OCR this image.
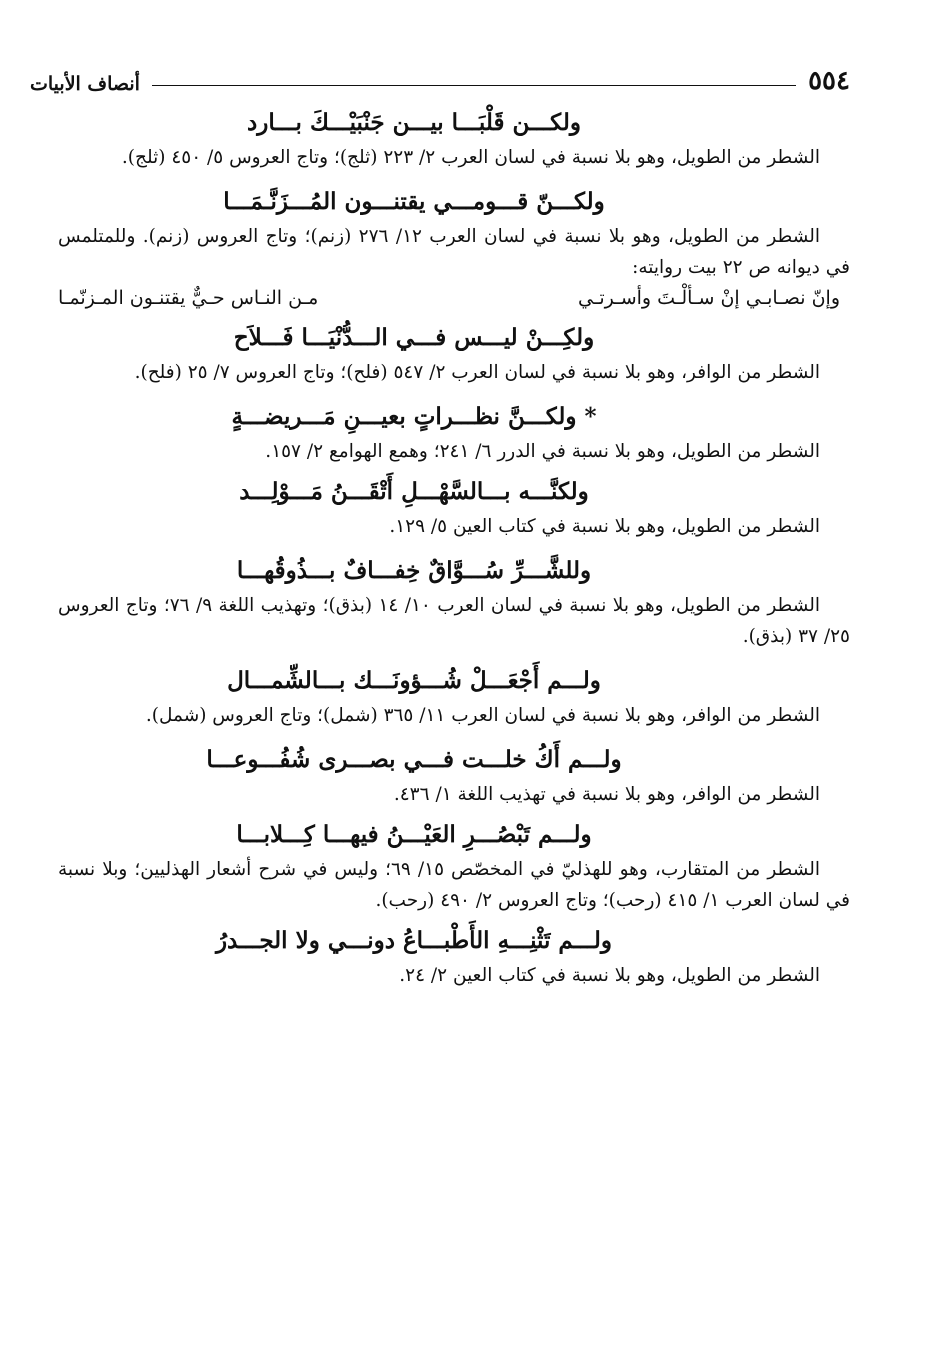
٥٥٤
أنصاف الأبيات
ولكـــن قَلْبَـــا بيـــن جَنْبَيْـــكَ بـــارد

الشطر من الطويل، وهو بلا نسبة في لسان العرب ٢/ ٢٢٣ (ثلج)؛ وتاج العروس ٥/ ٤٥٠ (ثلج).

ولكـــنّ قـــومـــي يقتنـــون المُـــزَنَّـمَـــا

الشطر من الطويل، وهو بلا نسبة في لسان العرب ١٢/ ٢٧٦ (زنم)؛ وتاج العروس (زنم). وللمتلمس في ديوانه ص ٢٢ بيت روايته:

وإنّ نصـابـي إنْ سـألْـتَ وأسـرتـي
مـن النـاس حـيٌّ يقتنـون المـزنّمـا
ولكِـــنْ ليـــس فـــي الـــدُّنْيَـــا فَـــلاَح

الشطر من الوافر، وهو بلا نسبة في لسان العرب ٢/ ٥٤٧ (فلح)؛ وتاج العروس ٧/ ٢٥ (فلح).

* ولكـــنَّ نظـــراتٍ بعيـــنِ مَـــريضـــةٍ

الشطر من الطويل، وهو بلا نسبة في الدرر ٦/ ٢٤١؛ وهمع الهوامع ٢/ ١٥٧.

ولكنَّـــه بـــالسَّهْـــلِ أَتْقَـــنُ مَـــوْلِـــد

الشطر من الطويل، وهو بلا نسبة في كتاب العين ٥/ ١٢٩.

وللشَّـــرِّ سُـــوَّاقٌ خِفـــافٌ بـــذُوقُهـــا

الشطر من الطويل، وهو بلا نسبة في لسان العرب ١٠/ ١٤ (بذق)؛ وتهذيب اللغة ٩/ ٧٦؛ وتاج العروس ٢٥/ ٣٧ (بذق).

ولـــم أَجْعَـــلْ شُـــؤونَـــك بـــالشِّمـــال

الشطر من الوافر، وهو بلا نسبة في لسان العرب ١١/ ٣٦٥ (شمل)؛ وتاج العروس (شمل).

ولـــم أَكُ خلـــت فـــي بصـــرى شُفُـــوعـــا

الشطر من الوافر، وهو بلا نسبة في تهذيب اللغة ١/ ٤٣٦.

ولـــم تَبْصُـــرِ العَيْـــنُ فيهـــا كِـــلابـــا

الشطر من المتقارب، وهو للهذليّ في المخصّص ١٥/ ٦٩؛ وليس في شرح أشعار الهذليين؛ وبلا نسبة في لسان العرب ١/ ٤١٥ (رحب)؛ وتاج العروس ٢/ ٤٩٠ (رحب).

ولـــم تَثْنِـــهِ الأَطْبـــاعُ دونـــي ولا الجـــدرُ

الشطر من الطويل، وهو بلا نسبة في كتاب العين ٢/ ٢٤.
